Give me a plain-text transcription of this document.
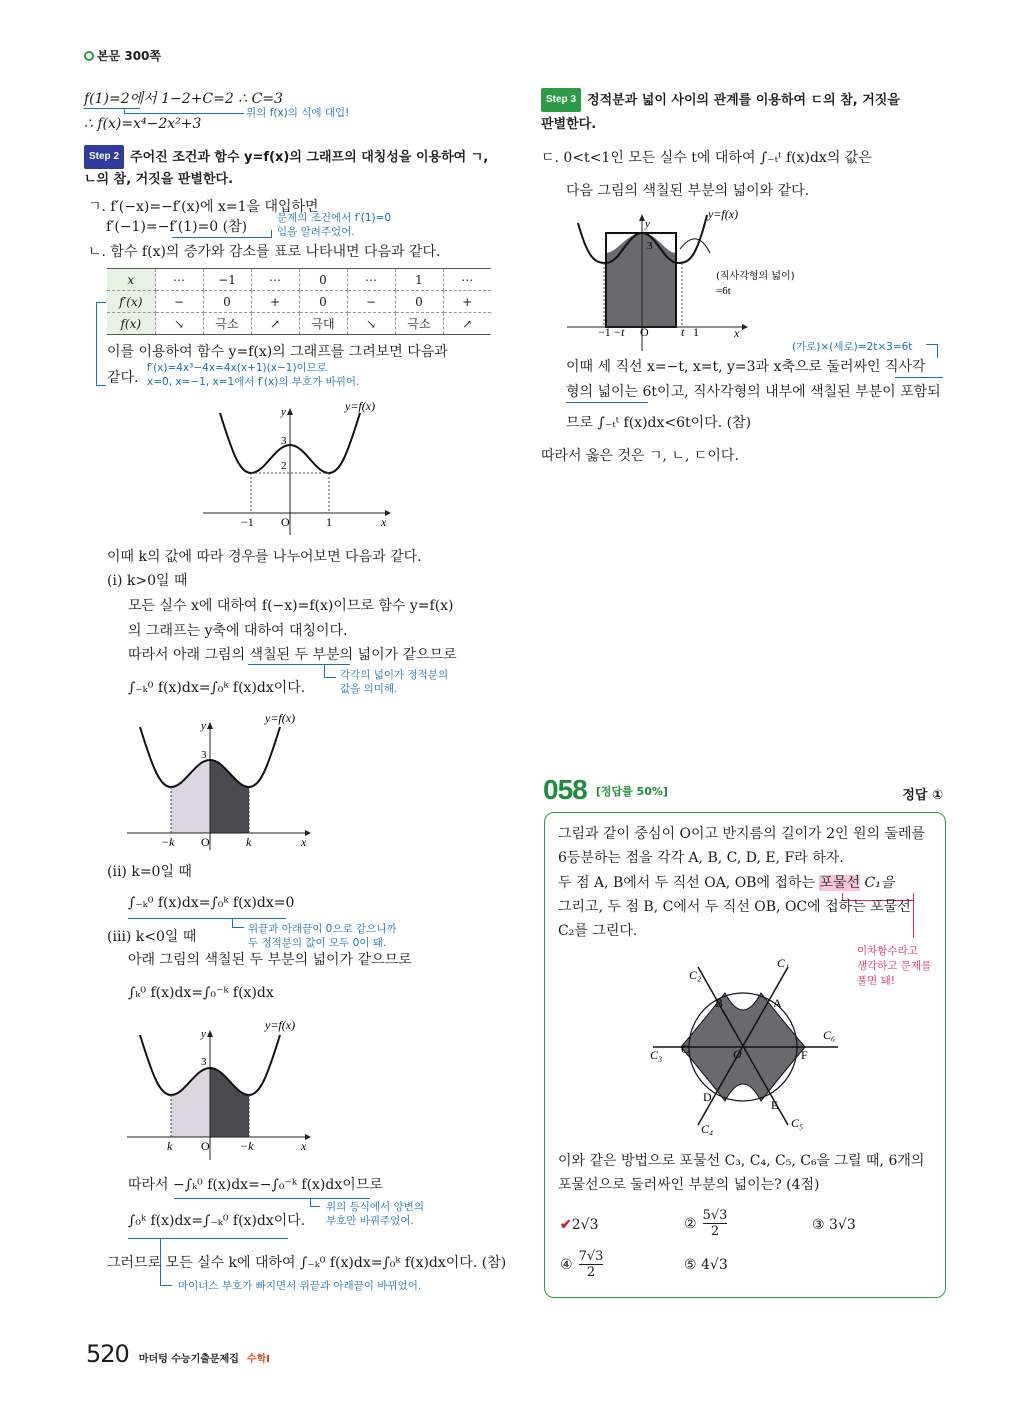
본문 300쪽
f(1)=2에서 1−2+C=2 ∴ C=3
위의 f(x)의 식에 대입!
∴ f(x)=x⁴−2x²+3
Step 2 주어진 조건과 함수 y=f(x)의 그래프의 대칭성을 이용하여 ㄱ,
ㄴ의 참, 거짓을 판별한다.
ㄱ. f′(−x)=−f′(x)에 x=1을 대입하면
f′(−1)=−f′(1)=0 (참)
문제의 조건에서 f′(1)=0
임을 알려주었어.
ㄴ. 함수 f(x)의 증가와 감소를 표로 나타내면 다음과 같다.
x	⋯	−1	⋯	0	⋯	1	⋯
f′(x)	−	0	+	0	−	0	+
f(x)	↘	극소	↗	극대	↘	극소	↗
이를 이용하여 함수 y=f(x)의 그래프를 그려보면 다음과
같다.
f′(x)=4x³−4x=4x(x+1)(x−1)이므로
x=0, x=−1, x=1에서 f′(x)의 부호가 바뀌어.
y=f(x)
y
x
3
2
−1 O	1
이때 k의 값에 따라 경우를 나누어보면 다음과 같다.
(ⅰ) k>0일 때
모든 실수 x에 대하여 f(−x)=f(x)이므로 함수 y=f(x)
의 그래프는 y축에 대하여 대칭이다.
따라서 아래 그림의 색칠된 두 부분의 넓이가 같으므로
∫₋ₖ⁰ f(x)dx=∫₀ᵏ f(x)dx이다.
각각의 넓이가 정적분의
값을 의미해.
y=f(x)
y
x
3
−k O	k
(ⅱ) k=0일 때
∫₋ₖ⁰ f(x)dx=∫₀ᵏ f(x)dx=0
위끝과 아래끝이 0으로 같으니까
두 정적분의 값이 모두 0이 돼.
(ⅲ) k<0일 때
아래 그림의 색칠된 두 부분의 넓이가 같으므로
∫ₖ⁰ f(x)dx=∫₀⁻ᵏ f(x)dx
y=f(x)
y
x
3
k O	−k
따라서 −∫ₖ⁰ f(x)dx=−∫₀⁻ᵏ f(x)dx이므로
위의 등식에서 양변의
부호만 바꿔주었어.
∫₀ᵏ f(x)dx=∫₋ₖ⁰ f(x)dx이다.
그러므로 모든 실수 k에 대하여 ∫₋ₖ⁰ f(x)dx=∫₀ᵏ f(x)dx이다. (참)
마이너스 부호가 빠지면서 위끝과 아래끝이 바뀌었어.
Step 3 정적분과 넓이 사이의 관계를 이용하여 ㄷ의 참, 거짓을
판별한다.
ㄷ. 0<t<1인 모든 실수 t에 대하여 ∫₋ₜᵗ f(x)dx의 값은
다음 그림의 색칠된 부분의 넓이와 같다.
y=f(x)
y
x
3
−1 −t O	t 1
(직사각형의 넓이)
=6t
(가로)×(세로)=2t×3=6t
이때 세 직선 x=−t, x=t, y=3과 x축으로 둘러싸인 직사각
형의 넓이는 6t이고, 직사각형의 내부에 색칠된 부분이 포함되
므로 ∫₋ₜᵗ f(x)dx<6t이다. (참)
따라서 옳은 것은 ㄱ, ㄴ, ㄷ이다.
058 [정답률 50%]	정답 ①
그림과 같이 중심이 O이고 반지름의 길이가 2인 원의 둘레를
6등분하는 점을 각각 A, B, C, D, E, F라 하자.
두 점 A, B에서 두 직선 OA, OB에 접하는 포물선 C₁을
그리고, 두 점 B, C에서 두 직선 OB, OC에 접하는 포물선
C₂를 그린다.
이차함수라고
생각하고 문제를
풀면 돼!
A
B
C
D
E
F
O
C₁
C₂
C₃
C₄	C₅
C₆
이와 같은 방법으로 포물선 C₃, C₄, C₅, C₆을 그릴 때, 6개의
포물선으로 둘러싸인 부분의 넓이는? (4점)
✔2√3	② 5√3
2	③ 3√3
④ 7√3
2	⑤ 4√3
520 마더텅 수능기출문제집 수학Ⅰ
